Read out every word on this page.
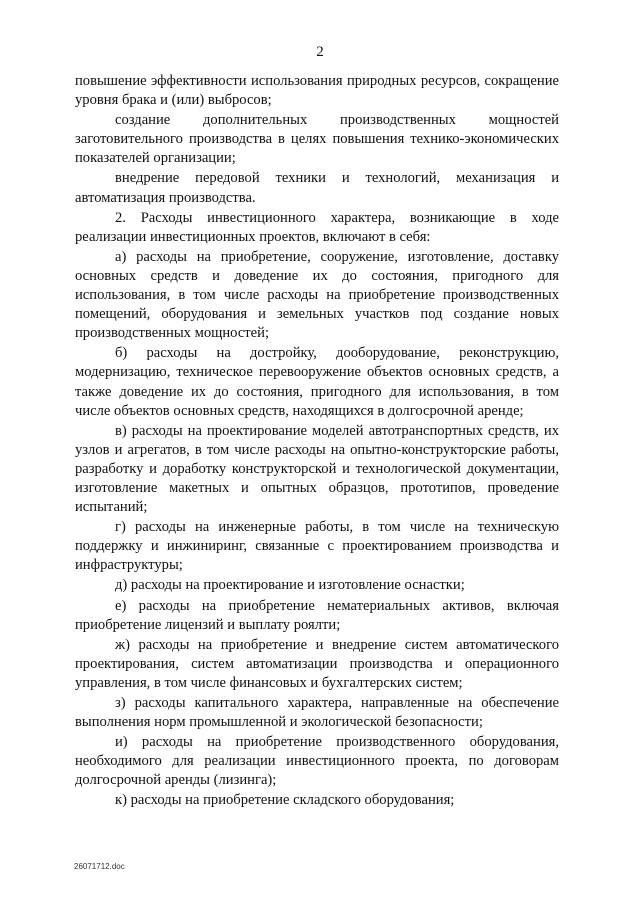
2

повышение эффективности использования природных ресурсов, сокращение уровня брака и (или) выбросов;

создание дополнительных производственных мощностей заготовительного производства в целях повышения технико-экономических показателей организации;

внедрение передовой техники и технологий, механизация и автоматизация производства.

2. Расходы инвестиционного характера, возникающие в ходе реализации инвестиционных проектов, включают в себя:

а) расходы на приобретение, сооружение, изготовление, доставку основных средств и доведение их до состояния, пригодного для использования, в том числе расходы на приобретение производственных помещений, оборудования и земельных участков под создание новых производственных мощностей;

б) расходы на достройку, дооборудование, реконструкцию, модернизацию, техническое перевооружение объектов основных средств, а также доведение их до состояния, пригодного для использования, в том числе объектов основных средств, находящихся в долгосрочной аренде;

в) расходы на проектирование моделей автотранспортных средств, их узлов и агрегатов, в том числе расходы на опытно-конструкторские работы, разработку и доработку конструкторской и технологической документации, изготовление макетных и опытных образцов, прототипов, проведение испытаний;

г) расходы на инженерные работы, в том числе на техническую поддержку и инжиниринг, связанные с проектированием производства и инфраструктуры;

д) расходы на проектирование и изготовление оснастки;

е) расходы на приобретение нематериальных активов, включая приобретение лицензий и выплату роялти;

ж) расходы на приобретение и внедрение систем автоматического проектирования, систем автоматизации производства и операционного управления, в том числе финансовых и бухгалтерских систем;

з) расходы капитального характера, направленные на обеспечение выполнения норм промышленной и экологической безопасности;

и) расходы на приобретение производственного оборудования, необходимого для реализации инвестиционного проекта, по договорам долгосрочной аренды (лизинга);

к) расходы на приобретение складского оборудования;

26071712.doc
